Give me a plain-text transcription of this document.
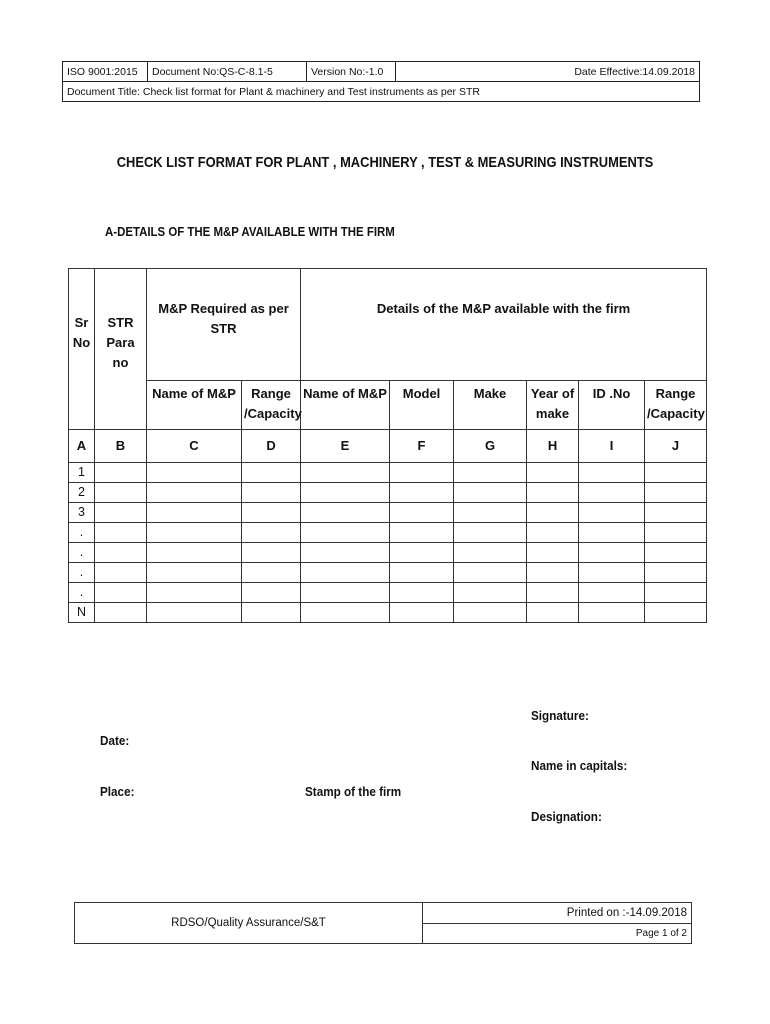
ISO 9001:2015	Document No:QS-C-8.1-5	Version No:-1.0	Date Effective:14.09.2018
Document Title: Check list format for Plant & machinery and Test instruments as per STR
CHECK LIST FORMAT FOR PLANT , MACHINERY , TEST & MEASURING INSTRUMENTS
A-DETAILS OF THE M&P AVAILABLE WITH THE FIRM
Sr No	STR Para no	M&P Required as per STR		Details of the M&P available with the firm					
		Name of M&P	Range /Capacity	Name of M&P	Model	Make	Year of make	ID .No	Range /Capacity
A	B	C	D	E	F	G	H	I	J
1									
2									
3									
.									
.									
.									
.									
N									
Signature:
Date:
Name in capitals:
Place:	Stamp of the firm
Designation:
RDSO/Quality Assurance/S&T	Printed on :-14.09.2018
Page 1 of 2
